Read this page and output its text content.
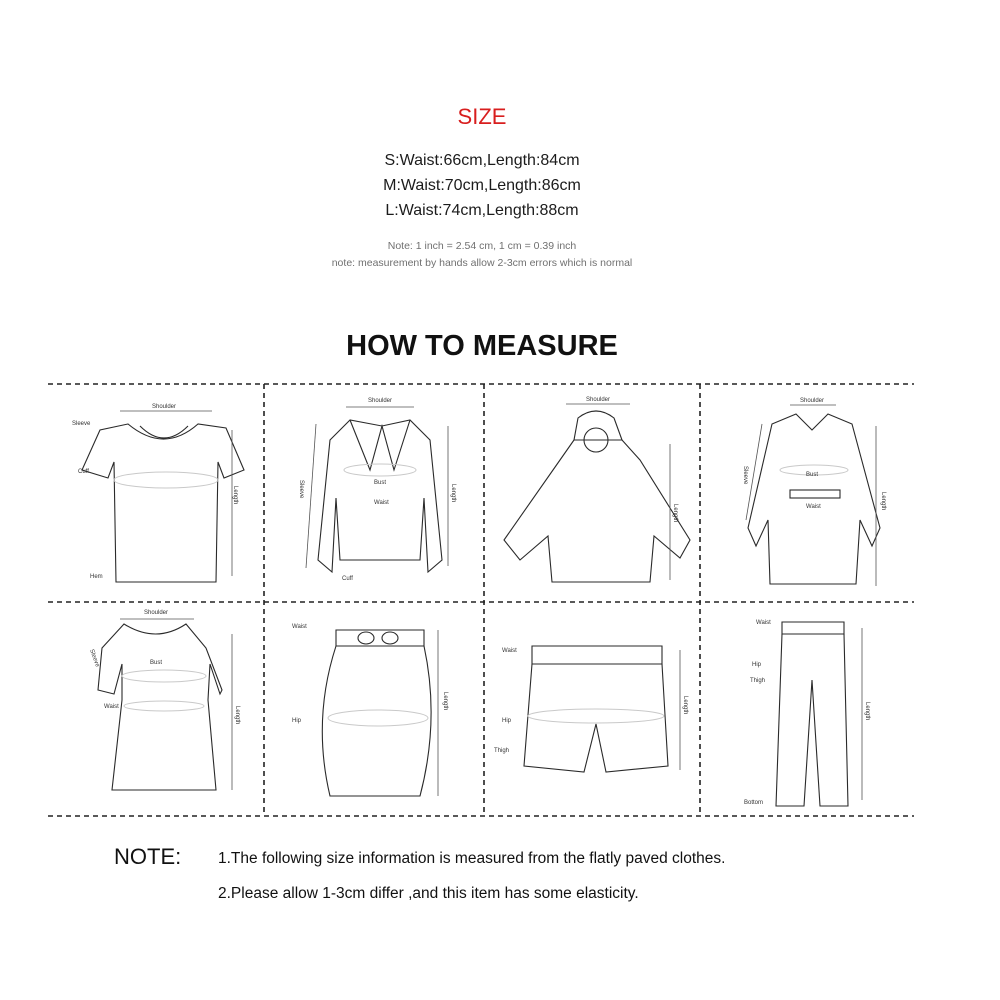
SIZE
S:Waist:66cm,Length:84cm
M:Waist:70cm,Length:86cm
L:Waist:74cm,Length:88cm
Note: 1 inch = 2.54 cm, 1 cm = 0.39 inch
note: measurement by hands allow 2-3cm errors which is normal
HOW TO MEASURE
Shoulder
Sleeve
Cuff
Length
Hem
Shoulder
Sleeve	Bust
Waist
Cuff
Length
Shoulder
Length
Shoulder
Sleeve	Bust
Waist	Length
Shoulder
Sleeve	Bust
Waist	Length
Waist
Hip
Length
Waist
Hip
Thigh
Length
Waist
Hip
Thigh
Bottom
Length
NOTE: 1.The following size information is measured from the flatly paved clothes.
2.Please allow 1-3cm differ ,and this item has some elasticity.
